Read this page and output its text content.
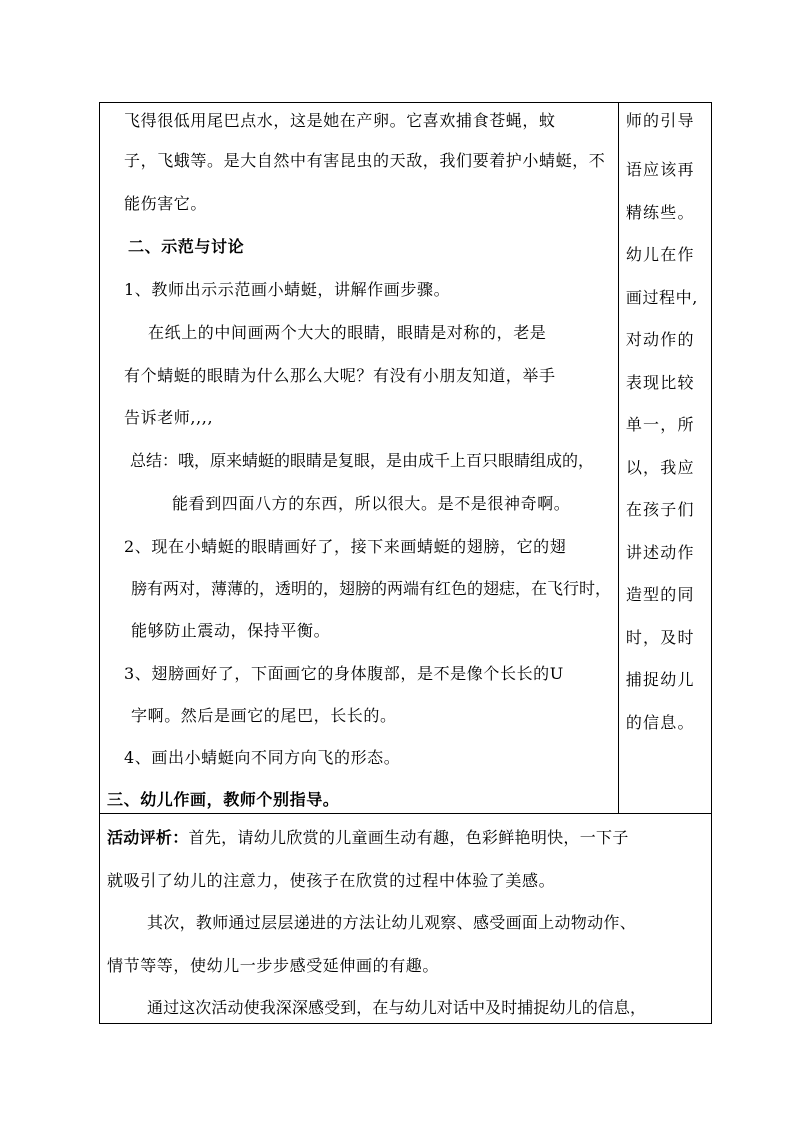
飞得很低用尾巴点水，这是她在产卵。它喜欢捕食苍蝇，蚊
子，飞蛾等。是大自然中有害昆虫的天敌，我们要着护小蜻蜓，不
能伤害它。
二、示范与讨论
1、教师出示示范画小蜻蜓，讲解作画步骤。
在纸上的中间画两个大大的眼睛，眼睛是对称的，老是
有个蜻蜓的眼睛为什么那么大呢？有没有小朋友知道，举手
告诉老师,,,,
总结：哦，原来蜻蜓的眼睛是复眼，是由成千上百只眼睛组成的，
能看到四面八方的东西，所以很大。是不是很神奇啊。
2、现在小蜻蜓的眼睛画好了，接下来画蜻蜓的翅膀，它的翅
膀有两对，薄薄的，透明的，翅膀的两端有红色的翅痣，在飞行时，
能够防止震动，保持平衡。
3、翅膀画好了，下面画它的身体腹部，是不是像个长长的U
字啊。然后是画它的尾巴，长长的。
4、画出小蜻蜓向不同方向飞的形态。
三、幼儿作画，教师个别指导。

师的引导
语应该再
精练些。
幼儿在作
画过程中,
对动作的
表现比较
单一，所
以，我应
在孩子们
讲述动作
造型的同
时，及时
捕捉幼儿
的信息。

活动评析：首先，请幼儿欣赏的儿童画生动有趣，色彩鲜艳明快，一下子
就吸引了幼儿的注意力，使孩子在欣赏的过程中体验了美感。
其次，教师通过层层递进的方法让幼儿观察、感受画面上动物动作、
情节等等，使幼儿一步步感受延伸画的有趣。
通过这次活动使我深深感受到，在与幼儿对话中及时捕捉幼儿的信息，
